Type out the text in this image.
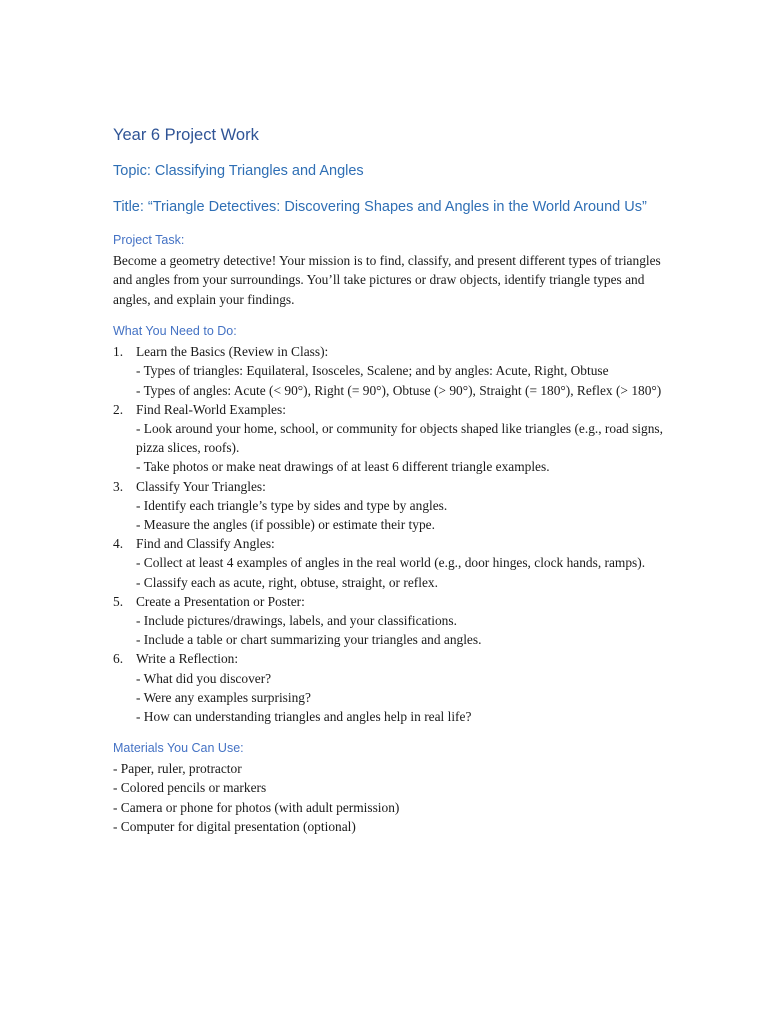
Year 6 Project Work
Topic: Classifying Triangles and Angles
Title: “Triangle Detectives: Discovering Shapes and Angles in the World Around Us”
Project Task:
Become a geometry detective! Your mission is to find, classify, and present different types of triangles and angles from your surroundings. You’ll take pictures or draw objects, identify triangle types and angles, and explain your findings.
What You Need to Do:
1. Learn the Basics (Review in Class):
- Types of triangles: Equilateral, Isosceles, Scalene; and by angles: Acute, Right, Obtuse
- Types of angles: Acute (< 90°), Right (= 90°), Obtuse (> 90°), Straight (= 180°), Reflex (> 180°)
2. Find Real-World Examples:
- Look around your home, school, or community for objects shaped like triangles (e.g., road signs, pizza slices, roofs).
- Take photos or make neat drawings of at least 6 different triangle examples.
3. Classify Your Triangles:
- Identify each triangle’s type by sides and type by angles.
- Measure the angles (if possible) or estimate their type.
4. Find and Classify Angles:
- Collect at least 4 examples of angles in the real world (e.g., door hinges, clock hands, ramps).
- Classify each as acute, right, obtuse, straight, or reflex.
5. Create a Presentation or Poster:
- Include pictures/drawings, labels, and your classifications.
- Include a table or chart summarizing your triangles and angles.
6. Write a Reflection:
- What did you discover?
- Were any examples surprising?
- How can understanding triangles and angles help in real life?
Materials You Can Use:
- Paper, ruler, protractor
- Colored pencils or markers
- Camera or phone for photos (with adult permission)
- Computer for digital presentation (optional)
